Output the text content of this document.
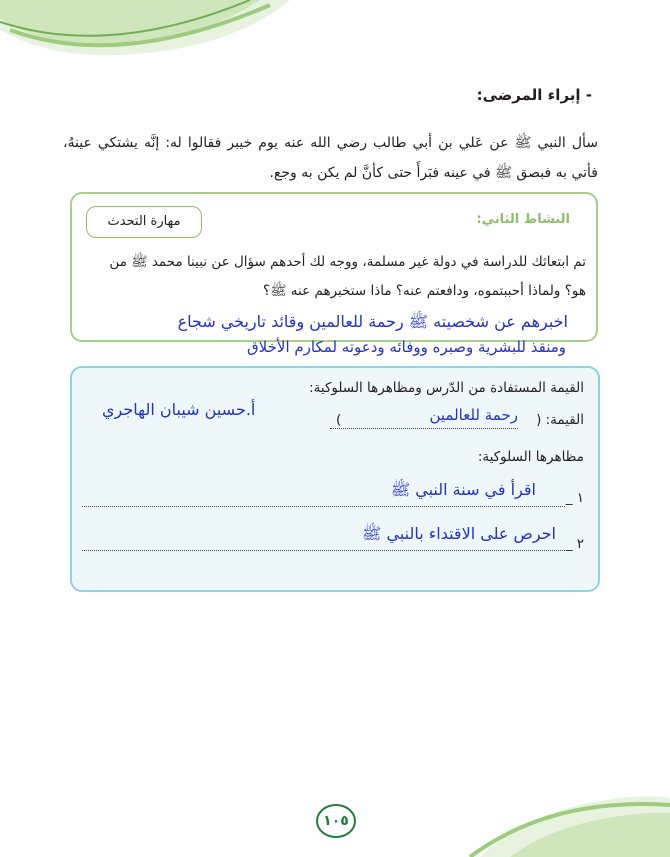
- إبراء المرضى:
سأل النبي ﷺ عن عَلي بن أبي طالب رضي الله عنه يوم خيبر فقالوا له: إنَّه يشتكي عينهُ، فأتي به فبصق ﷺ في عينه فبَرأَ حتى كأنَّ لم يكن به وجع.
النشاط الثاني:
مهارة التحدث
تم ابتعاثك للدراسة في دولة غير مسلمة، ووجه لك أحدهم سؤال عن نبينا محمد ﷺ من هو؟ ولماذا أحببتموه، ودافعتم عنه؟ ماذا ستخبرهم عنه ﷺ؟
اخبرهم عن شخصيته ﷺ رحمة للعالمين وقائد تاريخي شجاع
ومنقذ للبشرية وصبره ووفائه ودعوته لمكارم الأخلاق
القيمة المستفادة من الدّرس ومظاهرها السلوكية:
أ.حسين شيبان الهاجري
القيمة: (
رحمة للعالمين
)
مظاهرها السلوكية:
١ _
اقرأ في سنة النبي ﷺ
٢ _
احرص على الاقتداء بالنبي ﷺ
١٠٥
